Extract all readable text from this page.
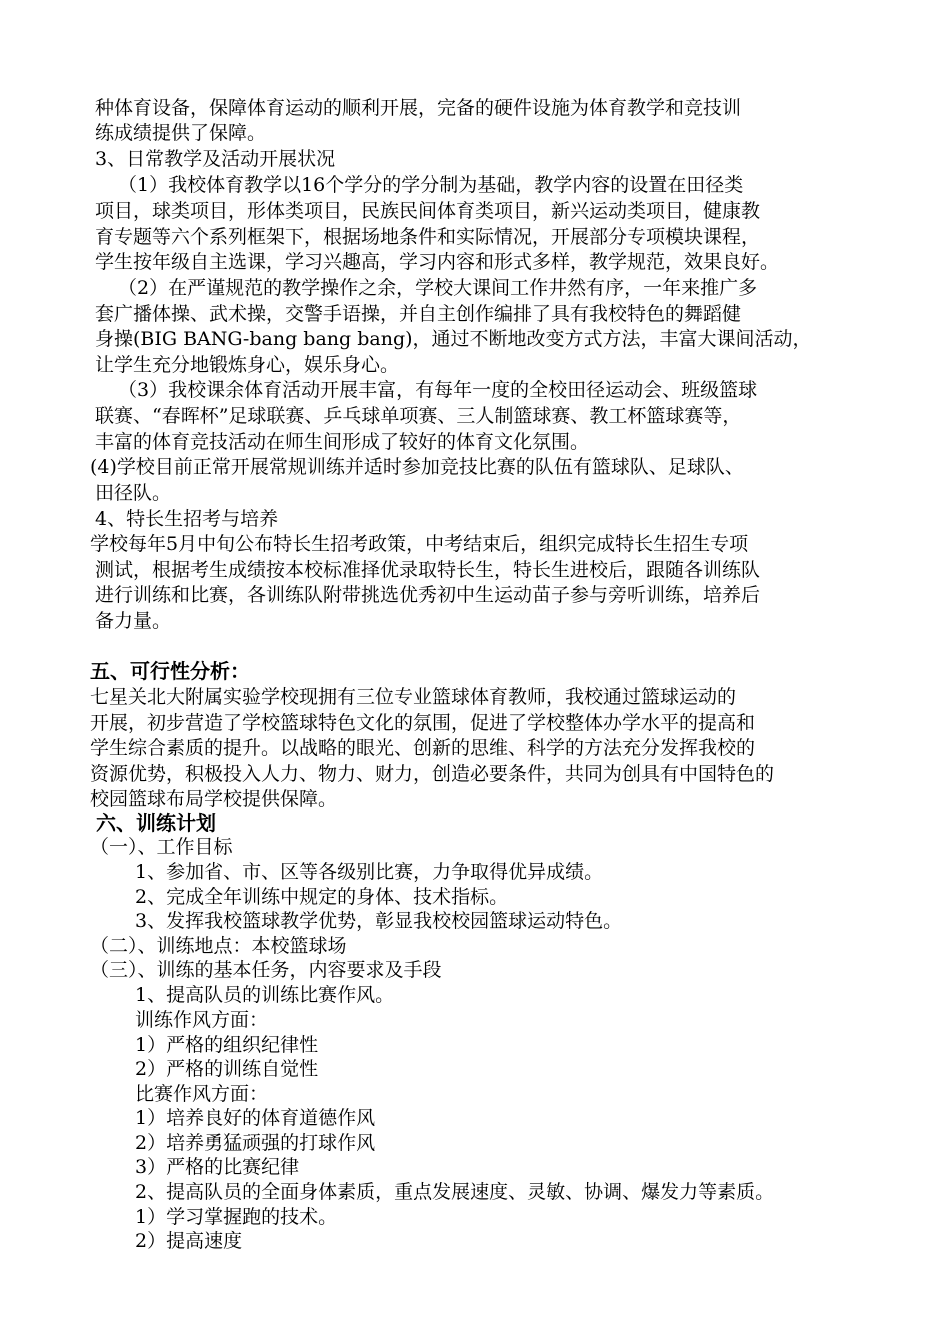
种体育设备，保障体育运动的顺利开展，完备的硬件设施为体育教学和竞技训
练成绩提供了保障。
3、日常教学及活动开展状况
（1）我校体育教学以16个学分的学分制为基础，教学内容的设置在田径类
项目，球类项目，形体类项目，民族民间体育类项目，新兴运动类项目，健康教
育专题等六个系列框架下，根据场地条件和实际情况，开展部分专项模块课程，
学生按年级自主选课，学习兴趣高，学习内容和形式多样，教学规范，效果良好。
（2）在严谨规范的教学操作之余，学校大课间工作井然有序，一年来推广多
套广播体操、武术操，交警手语操，并自主创作编排了具有我校特色的舞蹈健
身操(BIG BANG-bang bang bang)，通过不断地改变方式方法，丰富大课间活动，
让学生充分地锻炼身心，娱乐身心。
（3）我校课余体育活动开展丰富，有每年一度的全校田径运动会、班级篮球
联赛、“春晖杯”足球联赛、乒乓球单项赛、三人制篮球赛、教工杯篮球赛等，
丰富的体育竞技活动在师生间形成了较好的体育文化氛围。
(4)学校目前正常开展常规训练并适时参加竞技比赛的队伍有篮球队、足球队、
田径队。
4、特长生招考与培养
学校每年5月中旬公布特长生招考政策，中考结束后，组织完成特长生招生专项
测试，根据考生成绩按本校标准择优录取特长生，特长生进校后，跟随各训练队
进行训练和比赛，各训练队附带挑选优秀初中生运动苗子参与旁听训练，培养后
备力量。
五、可行性分析：
七星关北大附属实验学校现拥有三位专业篮球体育教师，我校通过篮球运动的
开展，初步营造了学校篮球特色文化的氛围，促进了学校整体办学水平的提高和
学生综合素质的提升。以战略的眼光、创新的思维、科学的方法充分发挥我校的
资源优势，积极投入人力、物力、财力，创造必要条件，共同为创具有中国特色的
校园篮球布局学校提供保障。
六、训练计划
（一）、工作目标
1、参加省、市、区等各级别比赛，力争取得优异成绩。
2、完成全年训练中规定的身体、技术指标。
3、发挥我校篮球教学优势，彰显我校校园篮球运动特色。
（二）、训练地点：本校篮球场
（三）、训练的基本任务，内容要求及手段
1、提高队员的训练比赛作风。
训练作风方面：
1）严格的组织纪律性
2）严格的训练自觉性
比赛作风方面：
1）培养良好的体育道德作风
2）培养勇猛顽强的打球作风
3）严格的比赛纪律
2、提高队员的全面身体素质，重点发展速度、灵敏、协调、爆发力等素质。
1）学习掌握跑的技术。
2）提高速度
